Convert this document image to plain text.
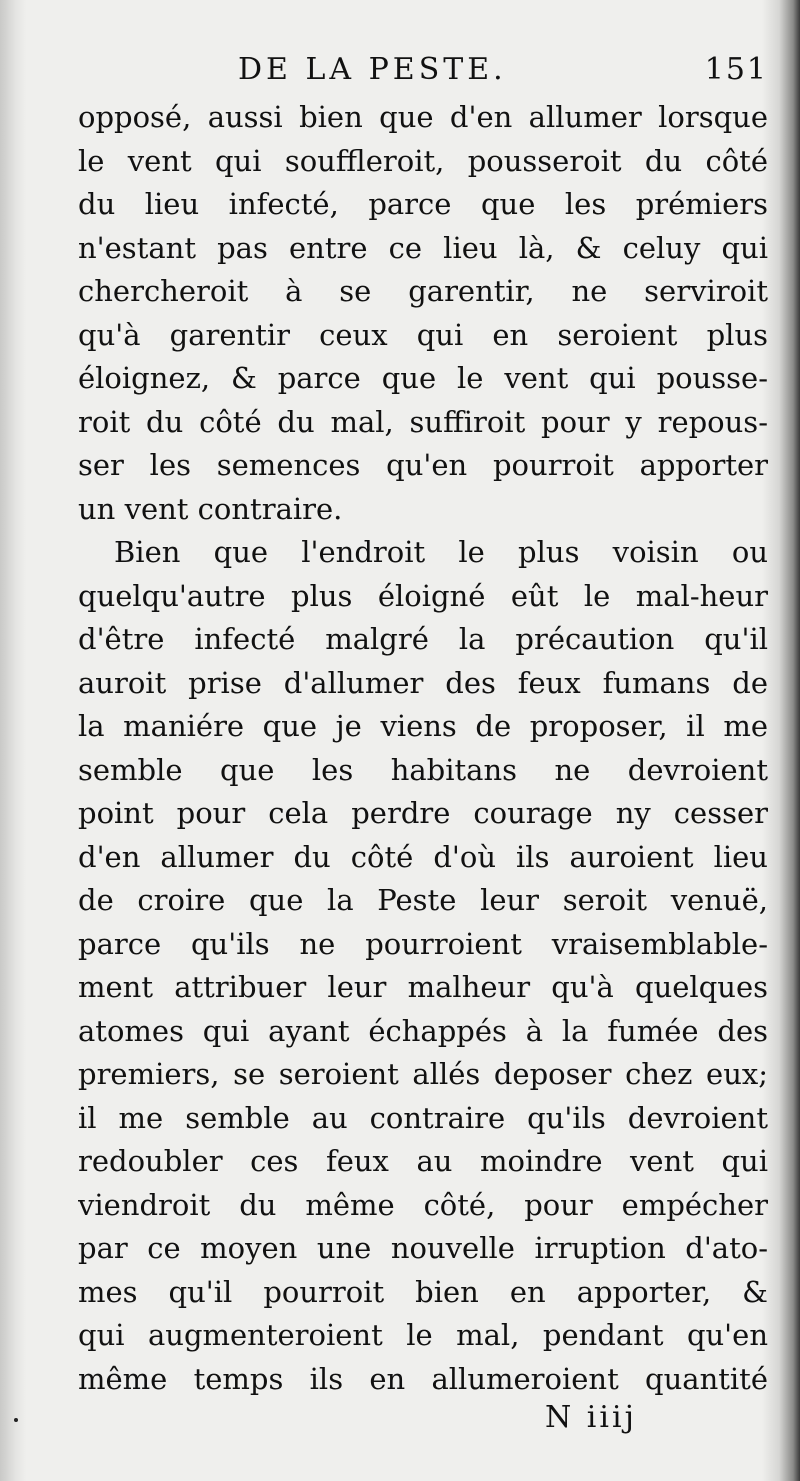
DE LA PESTE.	151
opposé, aussi bien que d'en allumer lorsque
le vent qui souffleroit, pousseroit du côté
du lieu infecté, parce que les prémiers
n'estant pas entre ce lieu là, & celuy qui
chercheroit à se garentir, ne serviroit
qu'à garentir ceux qui en seroient plus
éloignez, & parce que le vent qui pousse-
roit du côté du mal, suffiroit pour y repous-
ser les semences qu'en pourroit apporter
un vent contraire.
Bien que l'endroit le plus voisin ou
quelqu'autre plus éloigné eût le mal-heur
d'être infecté malgré la précaution qu'il
auroit prise d'allumer des feux fumans de
la maniére que je viens de proposer, il me
semble que les habitans ne devroient
point pour cela perdre courage ny cesser
d'en allumer du côté d'où ils auroient lieu
de croire que la Peste leur seroit venuë,
parce qu'ils ne pourroient vraisemblable-
ment attribuer leur malheur qu'à quelques
atomes qui ayant échappés à la fumée des
premiers, se seroient allés deposer chez eux;
il me semble au contraire qu'ils devroient
redoubler ces feux au moindre vent qui
viendroit du même côté, pour empécher
par ce moyen une nouvelle irruption d'ato-
mes qu'il pourroit bien en apporter, &
qui augmenteroient le mal, pendant qu'en
même temps ils en allumeroient quantité
N iiij
